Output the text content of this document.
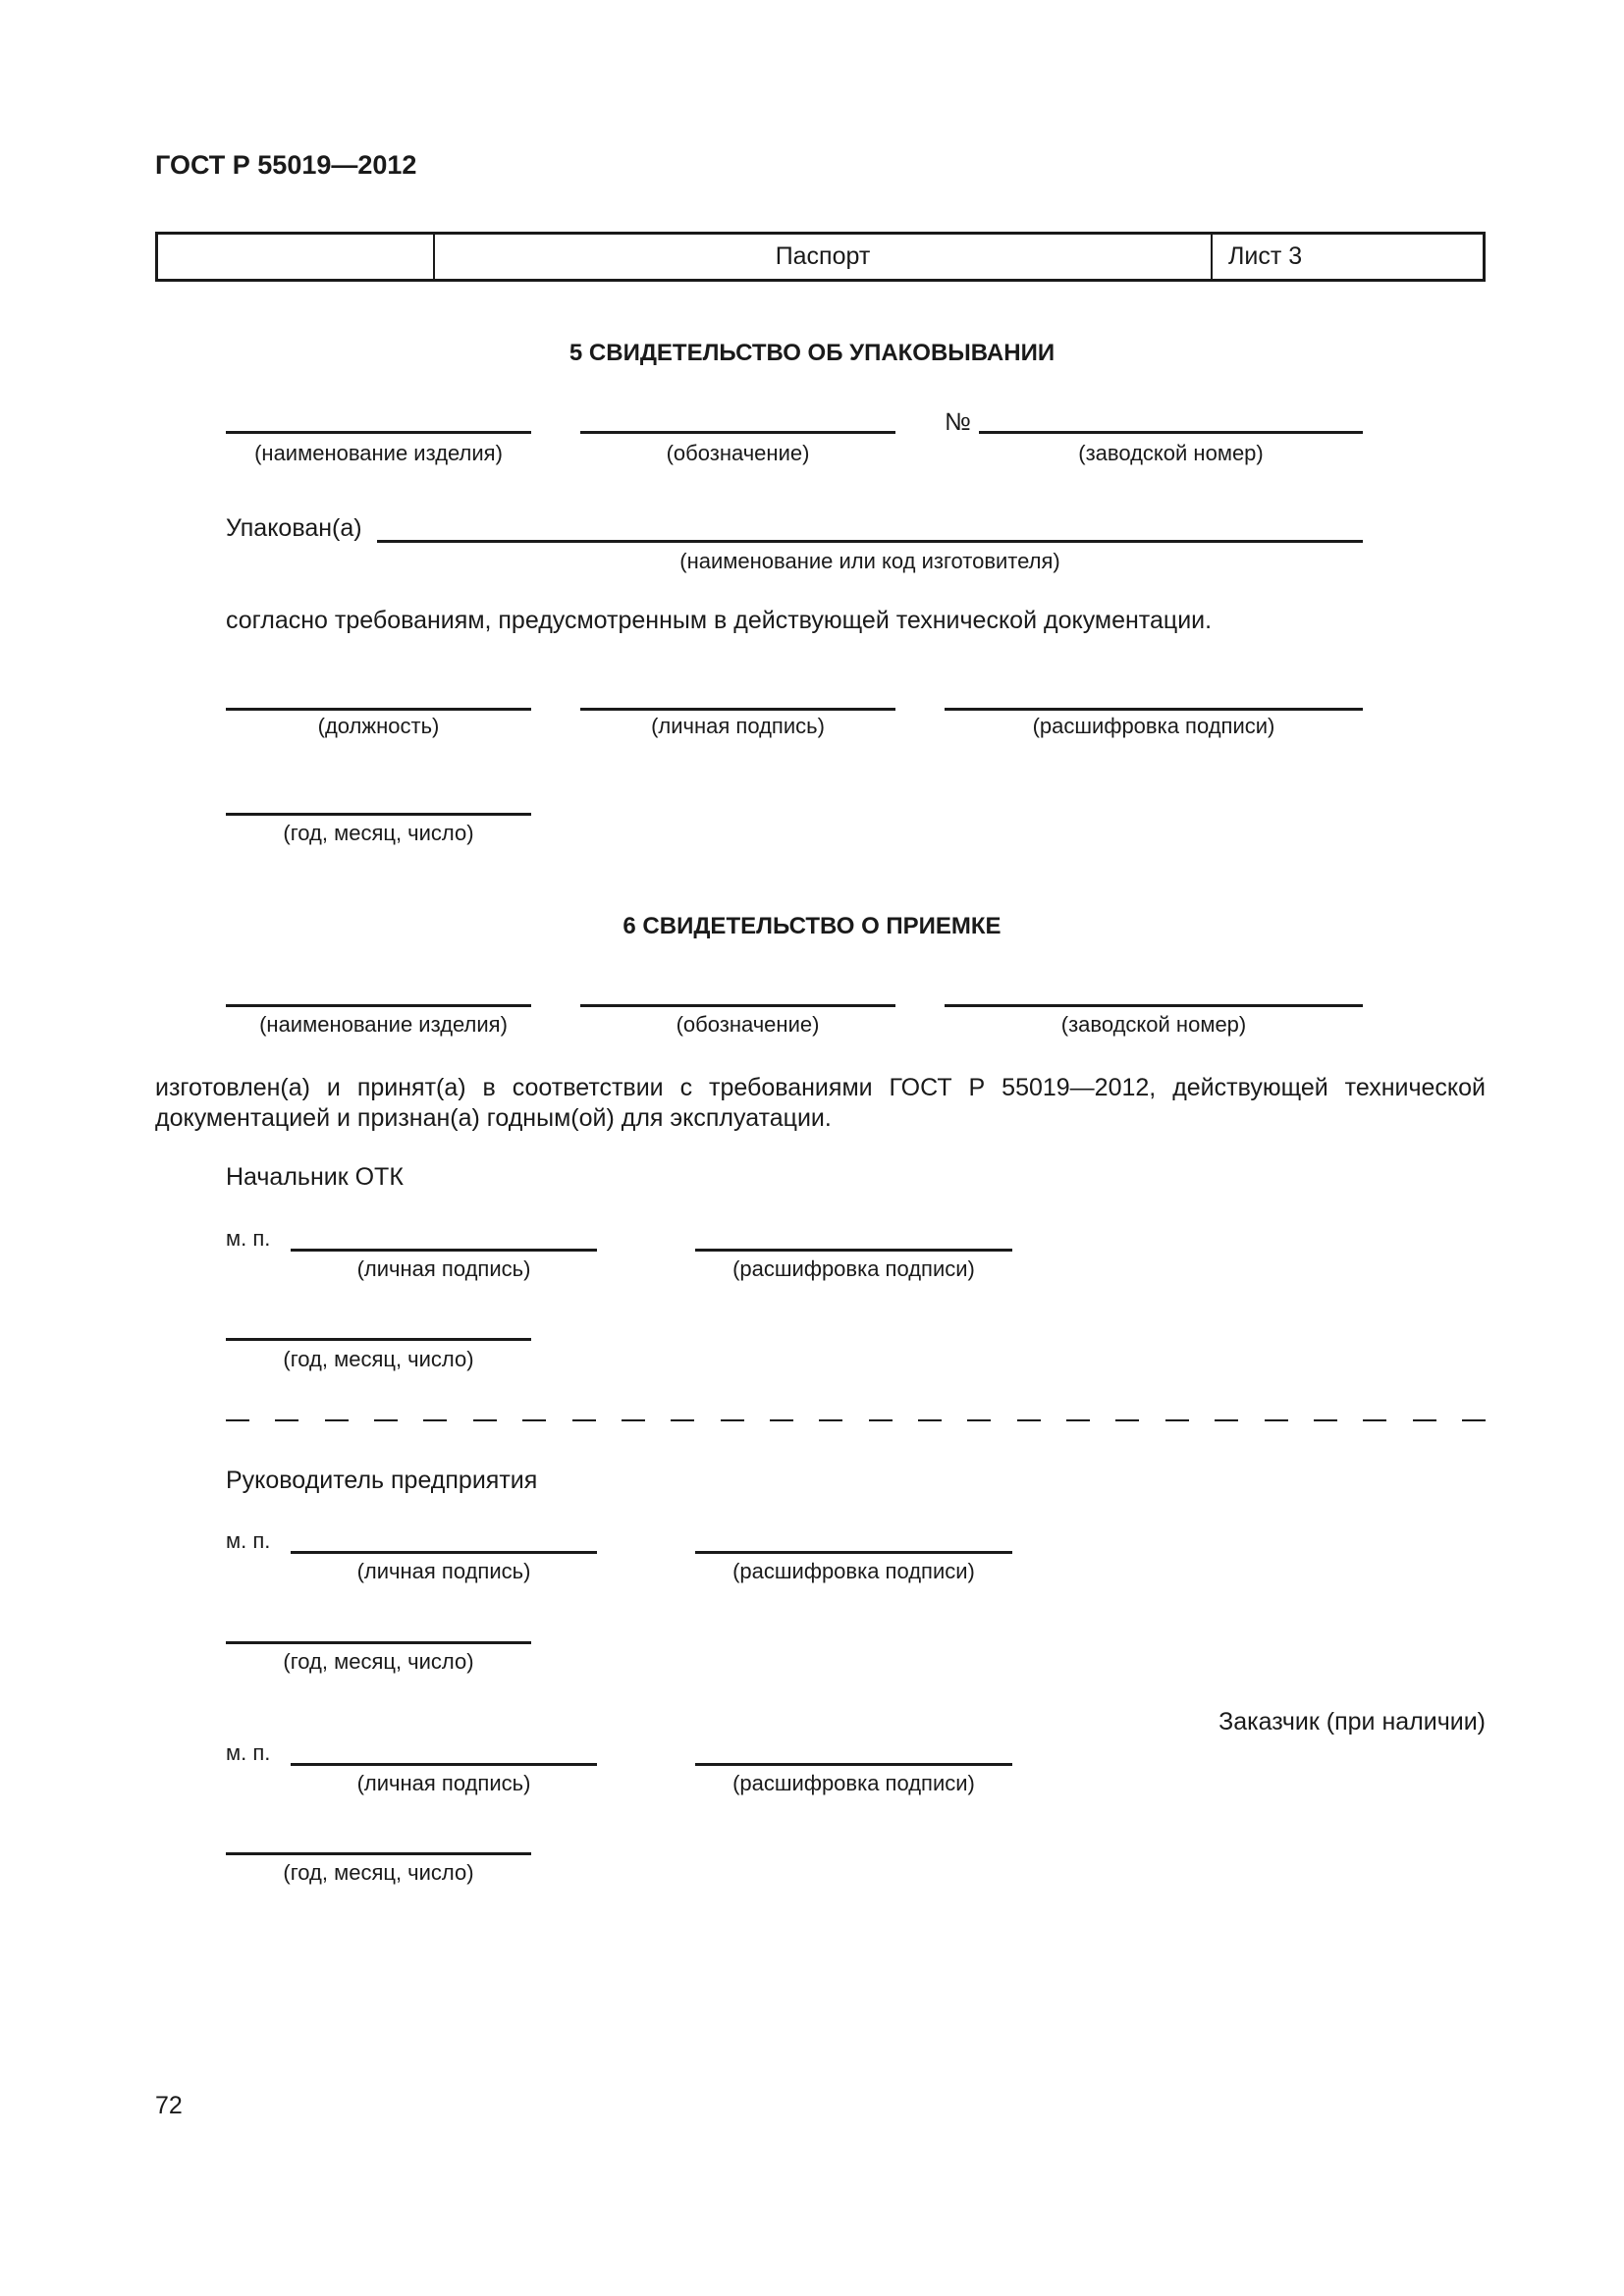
ГОСТ Р 55019—2012
Паспорт	Лист 3
5 СВИДЕТЕЛЬСТВО ОБ УПАКОВЫВАНИИ
№
(наименование изделия)	(обозначение)	(заводской номер)
Упакован(а)
(наименование или код изготовителя)
согласно требованиям, предусмотренным в действующей технической документации.
(должность)	(личная подпись)	(расшифровка подписи)
(год, месяц, число)
6 СВИДЕТЕЛЬСТВО О ПРИЕМКЕ
(наименование изделия)	(обозначение)	(заводской номер)
изготовлен(а) и принят(а) в соответствии с требованиями ГОСТ Р 55019—2012, действующей технической документацией и признан(а) годным(ой) для эксплуатации.
Начальник ОТК
м. п.
(личная подпись)	(расшифровка подписи)
(год, месяц, число)
Руководитель предприятия
м. п.
(личная подпись)	(расшифровка подписи)
(год, месяц, число)
Заказчик (при наличии)
м. п.
(личная подпись)	(расшифровка подписи)
(год, месяц, число)
72
